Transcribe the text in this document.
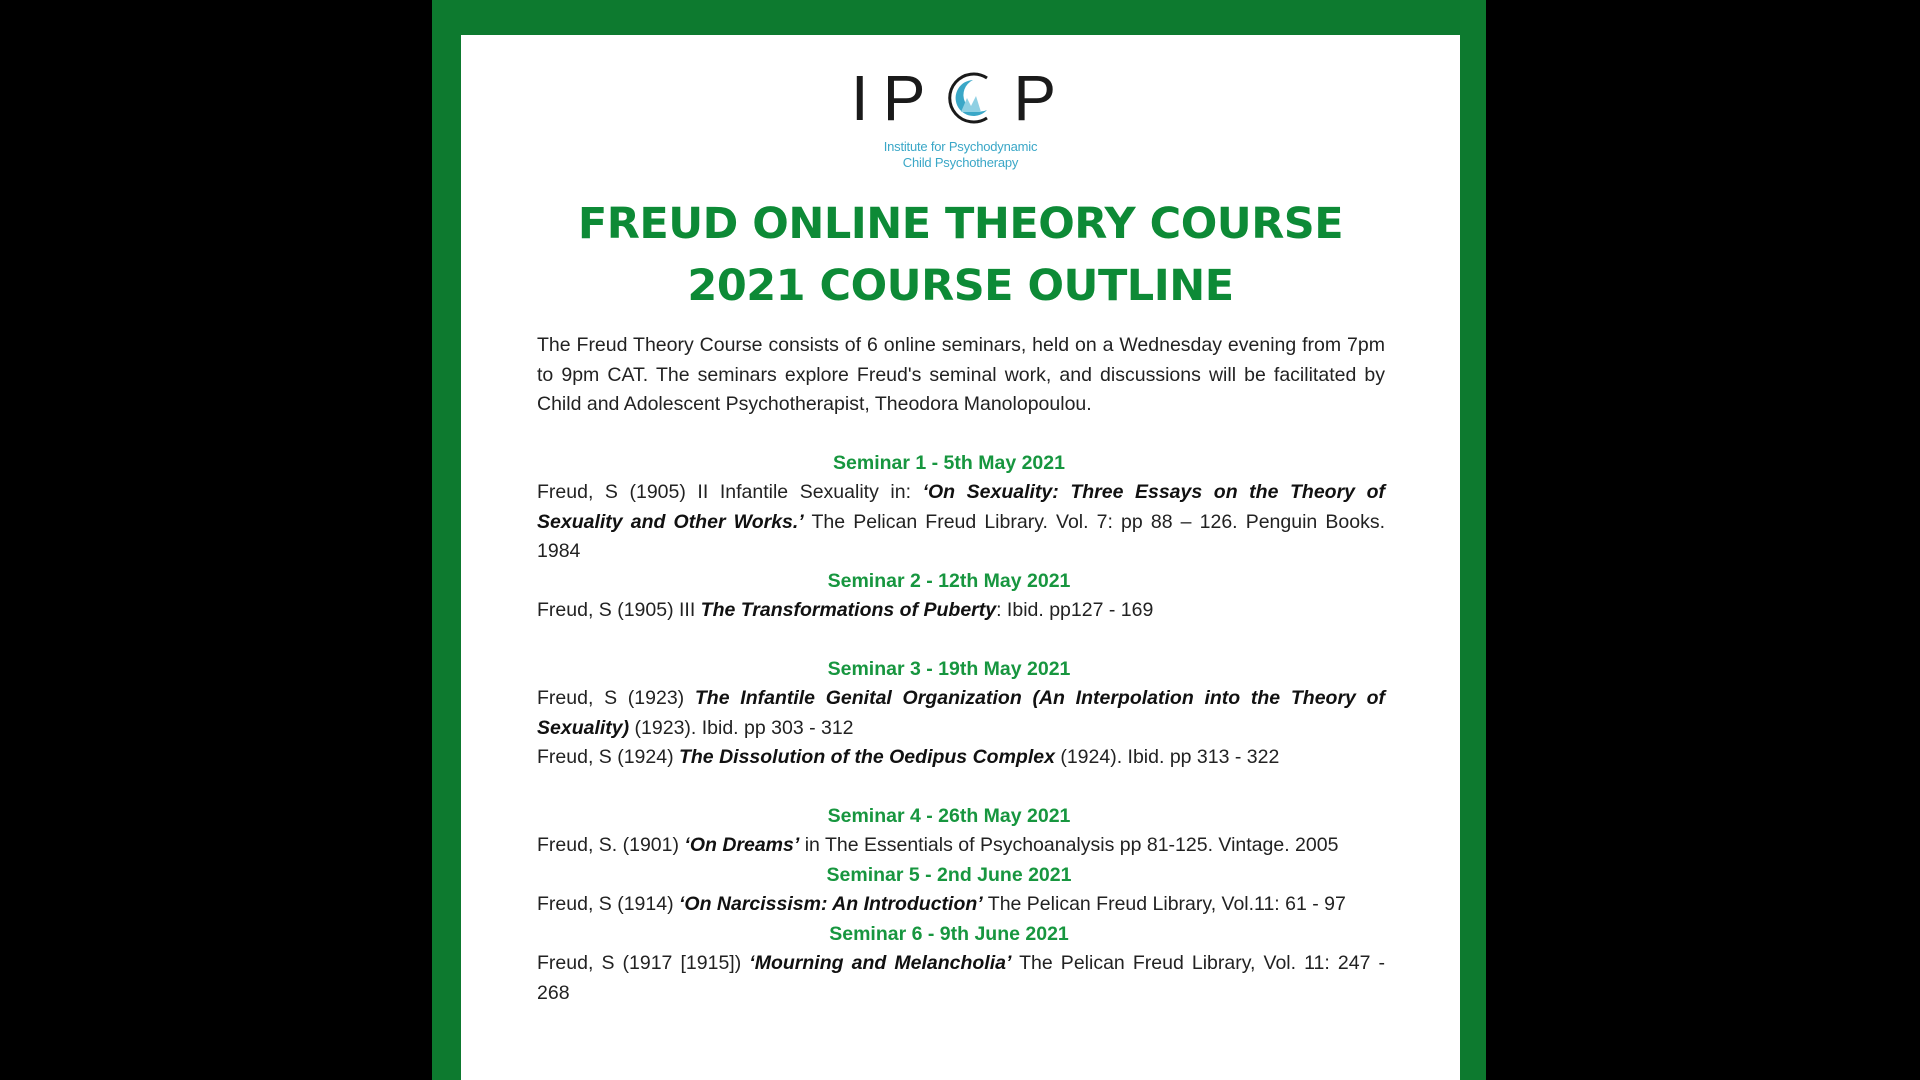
I P P
Institute for Psychodynamic
Child Psychotherapy
FREUD ONLINE THEORY COURSE
2021 COURSE OUTLINE

The Freud Theory Course consists of 6 online seminars, held on a Wednesday evening from 7pm to 9pm CAT. The seminars explore Freud's seminal work, and discussions will be facilitated by Child and Adolescent Psychotherapist, Theodora Manolopoulou.

Seminar 1 - 5th May 2021

Freud, S (1905) II Infantile Sexuality in: ‘On Sexuality: Three Essays on the Theory of Sexuality and Other Works.’ The Pelican Freud Library. Vol. 7: pp 88 – 126. Penguin Books. 1984

Seminar 2 - 12th May 2021

Freud, S (1905) III The Transformations of Puberty: Ibid. pp127 - 169

Seminar 3 - 19th May 2021

Freud, S (1923) The Infantile Genital Organization (An Interpolation into the Theory of    Sexuality) (1923). Ibid. pp 303 - 312

Freud, S (1924) The Dissolution of the Oedipus Complex (1924). Ibid. pp 313 - 322

Seminar 4 - 26th May 2021

Freud, S. (1901) ‘On Dreams’ in The Essentials of Psychoanalysis pp 81-125. Vintage. 2005

Seminar 5 - 2nd June 2021

Freud, S (1914) ‘On Narcissism: An Introduction’ The Pelican Freud Library, Vol.11: 61 - 97

Seminar 6 - 9th June 2021

Freud, S (1917 [1915]) ‘Mourning and Melancholia’ The Pelican Freud Library, Vol. 11: 247 - 268
